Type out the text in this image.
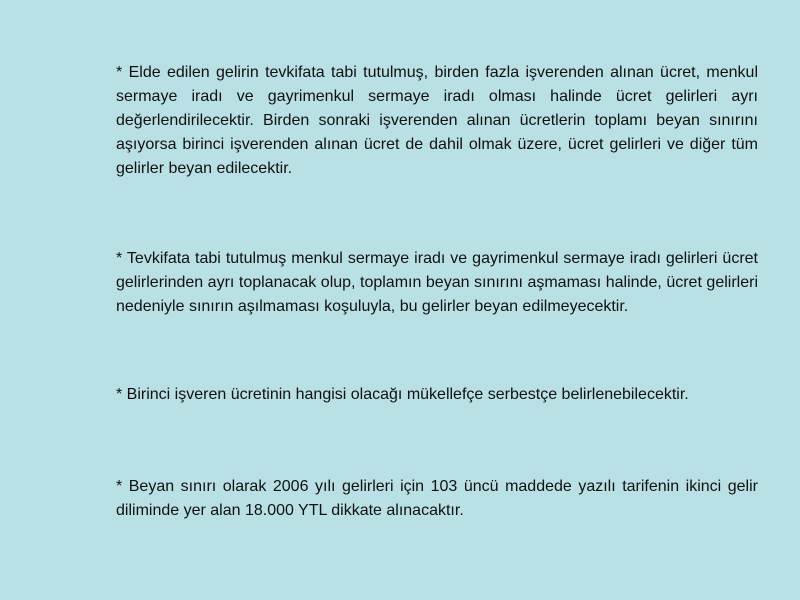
* Elde edilen gelirin tevkifata tabi tutulmuş, birden fazla işverenden alınan ücret, menkul sermaye iradı ve gayrimenkul sermaye iradı olması halinde ücret gelirleri ayrı değerlendirilecektir. Birden sonraki işverenden alınan ücretlerin toplamı beyan sınırını aşıyorsa birinci işverenden alınan ücret de dahil olmak üzere, ücret gelirleri ve diğer tüm gelirler beyan edilecektir.

* Tevkifata tabi tutulmuş menkul sermaye iradı ve gayrimenkul sermaye iradı gelirleri ücret gelirlerinden ayrı toplanacak olup, toplamın beyan sınırını aşmaması halinde, ücret gelirleri nedeniyle sınırın aşılmaması koşuluyla, bu gelirler beyan edilmeyecektir.

* Birinci işveren ücretinin hangisi olacağı mükellefçe serbestçe belirlenebilecektir.

* Beyan sınırı olarak 2006 yılı gelirleri için 103 üncü maddede yazılı tarifenin ikinci gelir diliminde yer alan 18.000 YTL dikkate alınacaktır.
